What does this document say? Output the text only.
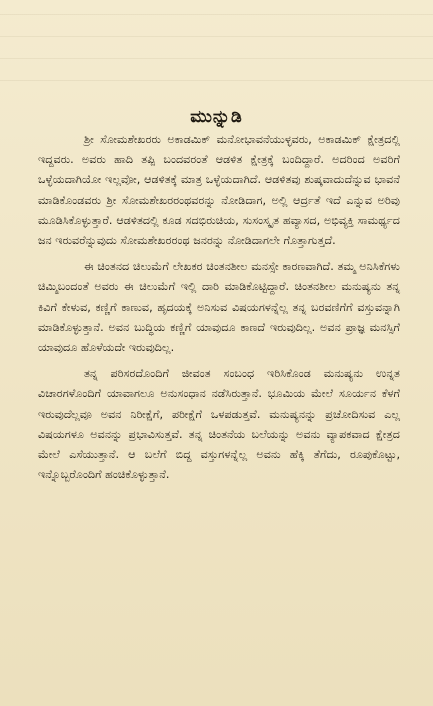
ಮುನ್ನುಡಿ

ಶ್ರೀ ಸೋಮಶೇಖರರು ಅಕಾಡಮಿಕ್ ಮನೋಭಾವನೆಯುಳ್ಳವರು, ಅಕಾಡಮಿಕ್ ಕ್ಷೇತ್ರದಲ್ಲಿ ಇದ್ದವರು. ಅವರು ಹಾದಿ ತಪ್ಪಿ ಬಂದವರಂತೆ ಆಡಳಿತ ಕ್ಷೇತ್ರಕ್ಕೆ ಬಂದಿದ್ದಾರೆ. ಅದರಿಂದ ಅವರಿಗೆ ಒಳ್ಳೆಯದಾಗಿಯೋ ಇಲ್ಲವೋ, ಆಡಳಿತಕ್ಕೆ ಮಾತ್ರ ಒಳ್ಳೆಯದಾಗಿದೆ. ಆಡಳಿತವು ಶುಷ್ಕವಾದುದೆನ್ನುವ ಭಾವನೆ ಮಾಡಿಕೊಂಡವರು ಶ್ರೀ ಸೋಮಶೇಖರರಂಥವರನ್ನು ನೋಡಿದಾಗ, ಅಲ್ಲಿ ಆರ್ದ್ರತೆ ಇದೆ ಎನ್ನುವ ಅರಿವು ಮೂಡಿಸಿಕೊಳ್ಳುತ್ತಾರೆ. ಆಡಳಿತದಲ್ಲಿ ಕೂಡ ಸದಭಿರುಚಿಯ, ಸುಸಂಸ್ಕೃತ ಹವ್ಯಾಸದ, ಅಭಿವ್ಯಕ್ತಿ ಸಾಮರ್ಥ್ಯದ ಜನ ಇರುವರೆನ್ನುವುದು ಸೋಮಶೇಖರರಂಥ ಜನರನ್ನು ನೋಡಿದಾಗಲೇ ಗೊತ್ತಾಗುತ್ತದೆ.

ಈ ಚಿಂತನದ ಚಿಲುಮೆಗೆ ಲೇಖಕರ ಚಿಂತನಶೀಲ ಮನಸ್ಸೇ ಕಾರಣವಾಗಿದೆ. ತಮ್ಮ ಅನಿಸಿಕೆಗಳು ಚಿಮ್ಮಿಬಂದಂತೆ ಅವರು ಈ ಚಿಲುಮೆಗೆ ಇಲ್ಲಿ ದಾರಿ ಮಾಡಿಕೊಟ್ಟಿದ್ದಾರೆ. ಚಿಂತನಶೀಲ ಮನುಷ್ಯನು ತನ್ನ ಕಿವಿಗೆ ಕೇಳುವ, ಕಣ್ಣಿಗೆ ಕಾಣುವ, ಹೃದಯಕ್ಕೆ ಅನಿಸುವ ವಿಷಯಗಳನ್ನೆಲ್ಲ ತನ್ನ ಬರವಣಿಗೆಗೆ ವಸ್ತುವನ್ನಾಗಿ ಮಾಡಿಕೊಳ್ಳುತ್ತಾನೆ. ಅವನ ಬುದ್ಧಿಯ ಕಣ್ಣಿಗೆ ಯಾವುದೂ ಕಾಣದೆ ಇರುವುದಿಲ್ಲ. ಅವನ ಪ್ರಾಜ್ಞ ಮನಸ್ಸಿಗೆ ಯಾವುದೂ ಹೊಳೆಯದೇ ಇರುವುದಿಲ್ಲ.

ತನ್ನ ಪರಿಸರದೊಂದಿಗೆ ಜೀವಂತ ಸಂಬಂಧ ಇರಿಸಿಕೊಂಡ ಮನುಷ್ಯನು ಉನ್ನತ ವಿಚಾರಗಳೊಂದಿಗೆ ಯಾವಾಗಲೂ ಅನುಸಂಧಾನ ನಡೆಸಿರುತ್ತಾನೆ. ಭೂಮಿಯ ಮೇಲೆ ಸೂರ್ಯನ ಕೆಳಗೆ ಇರುವುದೆಲ್ಲವೂ ಅವನ ನಿರೀಕ್ಷೆಗೆ, ಪರೀಕ್ಷೆಗೆ ಒಳಪಡುತ್ತವೆ. ಮನುಷ್ಯನನ್ನು ಪ್ರಚೋದಿಸುವ ಎಲ್ಲ ವಿಷಯಗಳೂ ಅವನನ್ನು ಪ್ರಭಾವಿಸುತ್ತವೆ. ತನ್ನ ಚಿಂತನೆಯ ಬಲೆಯನ್ನು ಅವನು ವ್ಯಾಪಕವಾದ ಕ್ಷೇತ್ರದ ಮೇಲೆ ಎಸೆಯುತ್ತಾನೆ. ಆ ಬಲೆಗೆ ಬಿದ್ದ ವಸ್ತುಗಳನ್ನೆಲ್ಲ ಅವನು ಹೆಕ್ಕಿ ತೆಗೆದು, ರೂಪುಕೊಟ್ಟು, ಇನ್ನೊಬ್ಬರೊಂದಿಗೆ ಹಂಚಿಕೊಳ್ಳುತ್ತಾನೆ.
